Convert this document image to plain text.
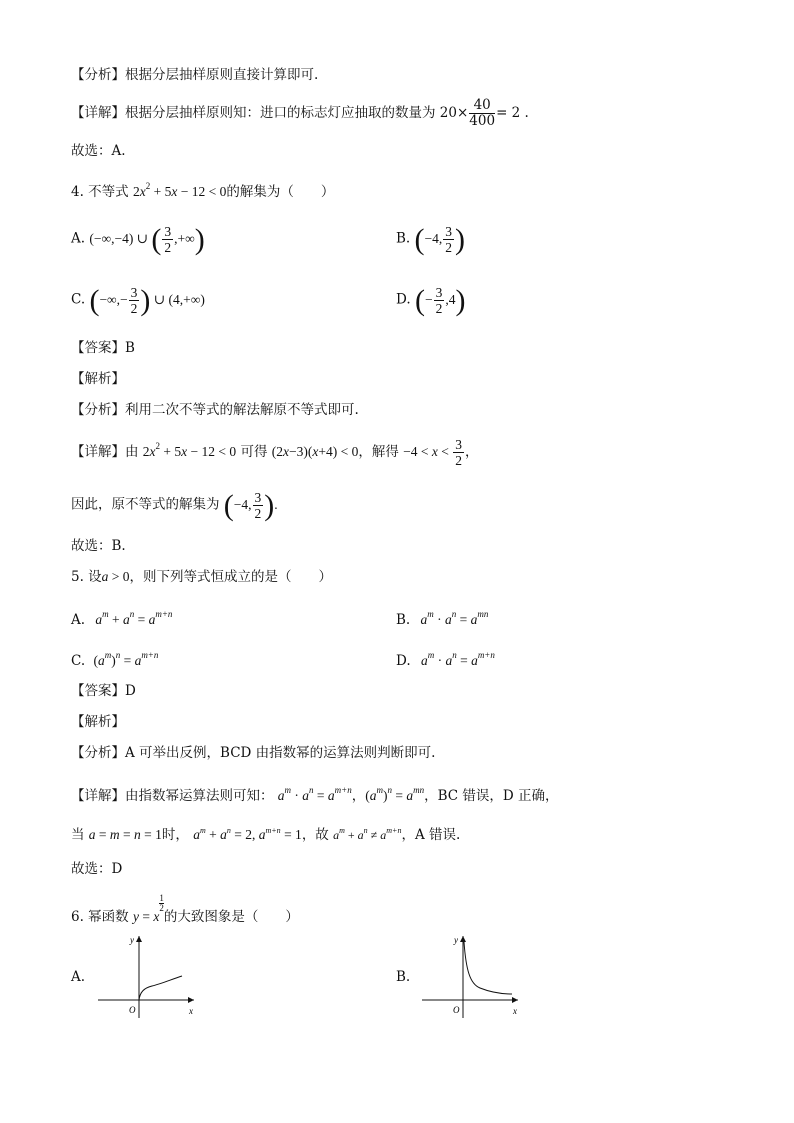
【分析】根据分层抽样原则直接计算即可.
【详解】根据分层抽样原则知：进口的标志灯应抽取的数量为 $20\times \frac{40}{400} = 2$ .
故选：A.
4. 不等式 $2x^2 + 5x - 12 < 0$的解集为（　　）
A. (−∞,−4) ∪ ( $\frac{3}{2}$ ,+∞)	B. (−4, $\frac{3}{2}$ )
C. (−∞,− $\frac{3}{2}$ ) ∪ (4,+∞)	D. (− $\frac{3}{2} ,4$)
【答案】B
【解析】
【分析】利用二次不等式的解法解原不等式即可.
【详解】由 $2x^2 + 5x - 12 < 0$ 可得 (2x−3)(x+4) < 0，解得 $-4 < x < \frac{3}{2}$ ，
因此，原不等式的解集为 (−4, $\frac{3}{2}$ ).
故选：B.
5. 设a > 0，则下列等式恒成立的是（　　）
A. $a^m + a^n = a^{m+n}$	B. $a^m \cdot a^n = a^{mn}$
C. $(a^m)^n = a^{m+n}$	D. $a^m \cdot a^n = a^{m+n}$
【答案】D
【解析】
【分析】A 可举出反例，BCD 由指数幂的运算法则判断即可.
【详解】由指数幂运算法则可知： $a^m \cdot a^n = a^{m+n}$，$(a^m)^n = a^{mn}$，BC 错误，D 正确，
当 a = m = n = 1时， $a^m + a^n = 2$, $a^{m+n} = 1$，故 $a^m + a^n \ne a^{m+n}$，A 错误.
故选：D
6. 幂函数 y = x
$\frac{1}{2}$
的大致图象是（　　）
A.
y
x
O
B.
y
x
O
